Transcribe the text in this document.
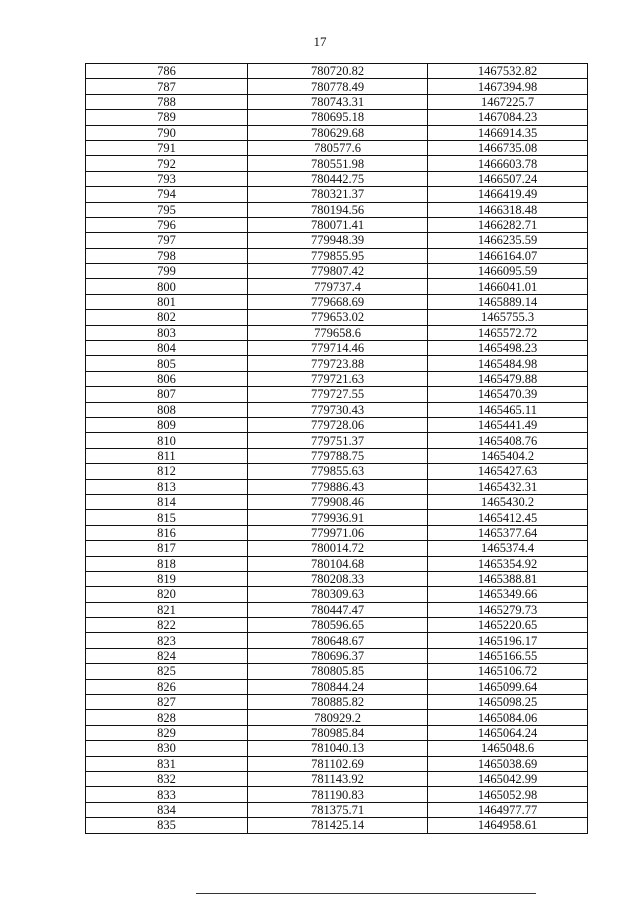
17
786	780720.82	1467532.82
787	780778.49	1467394.98
788	780743.31	1467225.7
789	780695.18	1467084.23
790	780629.68	1466914.35
791	780577.6	1466735.08
792	780551.98	1466603.78
793	780442.75	1466507.24
794	780321.37	1466419.49
795	780194.56	1466318.48
796	780071.41	1466282.71
797	779948.39	1466235.59
798	779855.95	1466164.07
799	779807.42	1466095.59
800	779737.4	1466041.01
801	779668.69	1465889.14
802	779653.02	1465755.3
803	779658.6	1465572.72
804	779714.46	1465498.23
805	779723.88	1465484.98
806	779721.63	1465479.88
807	779727.55	1465470.39
808	779730.43	1465465.11
809	779728.06	1465441.49
810	779751.37	1465408.76
811	779788.75	1465404.2
812	779855.63	1465427.63
813	779886.43	1465432.31
814	779908.46	1465430.2
815	779936.91	1465412.45
816	779971.06	1465377.64
817	780014.72	1465374.4
818	780104.68	1465354.92
819	780208.33	1465388.81
820	780309.63	1465349.66
821	780447.47	1465279.73
822	780596.65	1465220.65
823	780648.67	1465196.17
824	780696.37	1465166.55
825	780805.85	1465106.72
826	780844.24	1465099.64
827	780885.82	1465098.25
828	780929.2	1465084.06
829	780985.84	1465064.24
830	781040.13	1465048.6
831	781102.69	1465038.69
832	781143.92	1465042.99
833	781190.83	1465052.98
834	781375.71	1464977.77
835	781425.14	1464958.61
